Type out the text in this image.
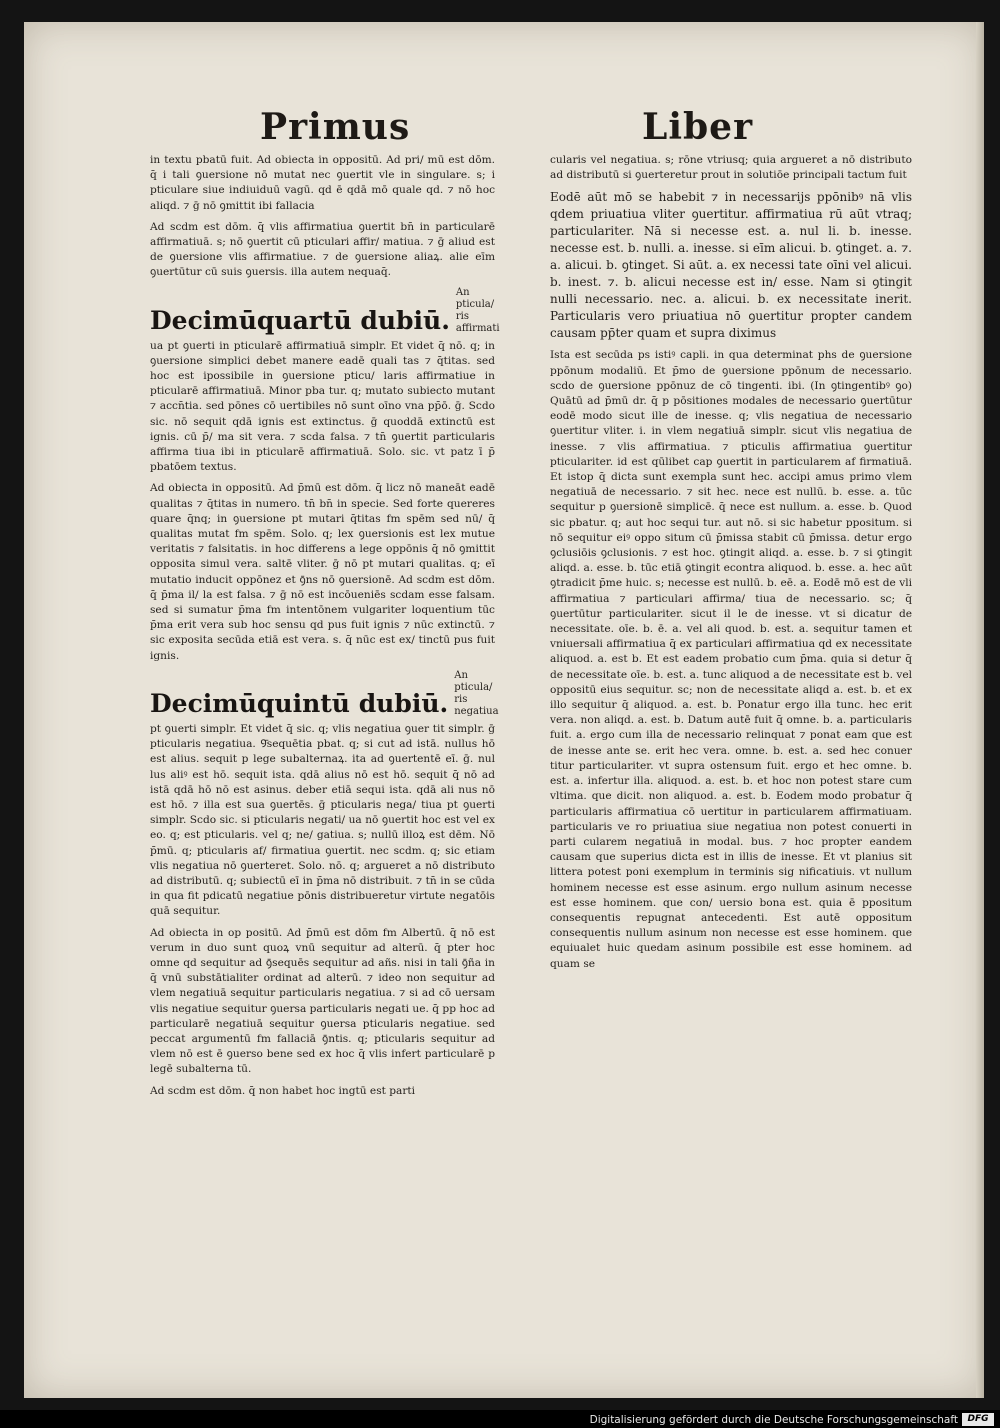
Primus	Liber

in textu pbatū fuit. Ad obiecta in oppositū. Ad pri/ mū est dōm. q̄ i tali ꝯuersione nō mutat nec ꝯuertit vle in singulare. s; i pticulare siue indiuiduū vagū. qd ē qdā mō quale qd. ⁊ nō hoc aliqd. ⁊ ḡ nō ꝯmittit ibi fallacia

Ad scdm est dōm. q̄ vlis affirmatiua ꝯuertit bn̄ in particularē affirmatiuā. s; nō ꝯuertit cū pticulari affir/ matiua. ⁊ ḡ aliud est de ꝯuersione vlis affirmatiue. ⁊ de ꝯuersione aliaꝝ. alie eīm ꝯuertūtur cū suis ꝯuersis. illa autem nequaq̄.

Decimūquartū dubiū.
An pticula/ ris affirmati

ua pt ꝯuerti in pticularē affirmatiuā simplr. Et videt q̄ nō. q; in ꝯuersione simplici debet manere eadē quali tas ⁊ q̄titas. sed hoc est ipossibile in ꝯuersione pticu/ laris affirmatiue in pticularē affirmatiuā. Minor pba tur. q; mutato subiecto mutant ⁊ accn̄tia. sed pōnes cō uertibiles nō sunt oīno vna pp̄ō. ḡ. Scdo sic. nō sequit qdā ignis est extinctus. ḡ quoddā extinctū est ignis. cū p̄/ ma sit vera. ⁊ scda falsa. ⁊ tn̄ ꝯuertit particularis affirma tiua ibi in pticularē affirmatiuā. Solo. sic. vt patz ī p̄ pbatōem textus.

Ad obiecta in oppositū. Ad p̄mū est dōm. q̄ licz nō maneāt eadē qualitas ⁊ q̄titas in numero. tn̄ bn̄ in specie. Sed forte quereres quare q̄nq; in ꝯuersione pt mutari q̄titas fm spēm sed nū/ q̄ qualitas mutat fm spēm. Solo. q; lex ꝯuersionis est lex mutue veritatis ⁊ falsitatis. in hoc differens a lege oppōnis q̄ nō ꝯmittit opposita simul vera. saltē vliter. ḡ nō pt mutari qualitas. q; eī mutatio inducit oppōnez et ꝯ̄ns nō ꝯuersionē. Ad scdm est dōm. q̄ p̄ma il/ la est falsa. ⁊ ḡ nō est incōueniēs scdam esse falsam. sed si sumatur p̄ma fm intentōnem vulgariter loquentium tūc p̄ma erit vera sub hoc sensu qd pus fuit ignis ⁊ nūc extinctū. ⁊ sic exposita secūda etiā est vera. s. q̄ nūc est ex/ tinctū pus fuit ignis.

Decimūquintū dubiū.
An pticula/ ris negatiua

pt ꝯuerti simplr. Et videt q̄ sic. q; vlis negatiua ꝯuer tit simplr. ḡ pticularis negatiua. Ꝯ̄sequētia pbat. q; si cut ad istā. nullus hō est alius. sequit p lege subalternaꝝ. ita ad ꝯuertentē eī. ḡ. nul lus aliꝰ est hō. sequit ista. qdā alius nō est hō. sequit q̄ nō ad istā qdā hō nō est asinus. deber etiā sequi ista. qdā ali nus nō est hō. ⁊ illa est sua ꝯuertēs. ḡ pticularis nega/ tiua pt ꝯuerti simplr. Scdo sic. si pticularis negati/ ua nō ꝯuertit hoc est vel ex eo. q; est pticularis. vel q; ne/ gatiua. s; nullū illoꝝ est dēm. Nō p̄mū. q; pticularis af/ firmatiua ꝯuertit. nec scdm. q; sic etiam vlis negatiua nō ꝯuerteret. Solo. nō. q; argueret a nō distributo ad distributū. q; subiectū eī in p̄ma nō distribuit. ⁊ tn̄ in se cūda in qua fit pdicatū negatiue pōnis distribueretur virtute negatōis quā sequitur.

Ad obiecta in op positū. Ad p̄mū est dōm fm Albertū. q̄ nō est verum in duo sunt quoꝝ vnū sequitur ad alterū. q̄ pter hoc omne qd sequitur ad ꝯ̄sequēs sequitur ad añs. nisi in tali ꝯ̄ña in q̄ vnū substātialiter ordinat ad alterū. ⁊ ideo non sequitur ad vlem negatiuā sequitur particularis negatiua. ⁊ si ad cō uersam vlis negatiue sequitur ꝯuersa particularis negati ue. q̄ pp hoc ad particularē negatiuā sequitur ꝯuersa pticularis negatiue. sed peccat argumentū fm fallaciā ꝯ̄ntis. q; pticularis sequitur ad vlem nō est ē ꝯuerso bene sed ex hoc q̄ vlis infert particularē p legē subalterna tū.

Ad scdm est dōm. q̄ non habet hoc ingtū est parti

cularis vel negatiua. s; rōne vtriusq; quia argueret a nō distributo ad distributū si ꝯuerteretur prout in solutiōe principali tactum fuit

Eodē aūt mō se habebit ⁊ in necessarijs ppōnibꝰ nā vlis qdem priuatiua vliter ꝯuertitur. affirmatiua rū aūt vtraq; particulariter. Nā si necesse est. a. nul li. b. inesse. necesse est. b. nulli. a. inesse. si eīm alicui. b. ꝯtinget. a. ⁊. a. alicui. b. ꝯtinget. Si aūt. a. ex necessi tate oīni vel alicui. b. inest. ⁊. b. alicui necesse est in/ esse. Nam si ꝯtingit nulli necessario. nec. a. alicui. b. ex necessitate inerit. Particularis vero priuatiua nō ꝯuertitur propter candem causam pp̄ter quam et supra diximus

Ista est secūda ps istiꝰ capli. in qua determinat phs de ꝯuersione ppōnum modaliū. Et p̄mo de ꝯuersione ppōnum de necessario. scdo de ꝯuersione ppōnuz de cō tingenti. ibi. (In ꝯtingentibꝰ ꝯo) Quātū ad p̄mū dr. q̄ p pōsitiones modales de necessario ꝯuertūtur eodē modo sicut ille de inesse. q; vlis negatiua de necessario ꝯuertitur vliter. i. in vlem negatiuā simplr. sicut vlis negatiua de inesse. ⁊ vlis affirmatiua. ⁊ pticulis affirmatiua ꝯuertitur pticulariter. id est qūlibet cap ꝯuertit in particularem af firmatiuā. Et istop q̄ dicta sunt exempla sunt hec. accipi amus primo vlem negatiuā de necessario. ⁊ sit hec. nece est nullū. b. esse. a. tūc sequitur p ꝯuersionē simplicē. q̄ nece est nullum. a. esse. b. Quod sic pbatur. q; aut hoc sequi tur. aut nō. si sic habetur ppositum. si nō sequitur eiꝰ oppo situm cū p̄missa stabit cū p̄missa. detur ergo ꝯclusiōis ꝯclusionis. ⁊ est hoc. ꝯtingit aliqd. a. esse. b. ⁊ si ꝯtingit aliqd. a. esse. b. tūc etiā ꝯtingit econtra aliquod. b. esse. a. hec aūt ꝯtradicit p̄me huic. s; necesse est nullū. b. eē. a. Eodē mō est de vli affirmatiua ⁊ particulari affirma/ tiua de necessario. sc; q̄ ꝯuertūtur particulariter. sicut il le de inesse. vt si dicatur de necessitate. oīe. b. ē. a. vel ali quod. b. est. a. sequitur tamen et vniuersali affirmatiua q̄ ex particulari affirmatiua qd ex necessitate aliquod. a. est b. Et est eadem probatio cum p̄ma. quia si detur q̄ de necessitate oīe. b. est. a. tunc aliquod a de necessitate est b. vel oppositū eius sequitur. sc; non de necessitate aliqd a. est. b. et ex illo sequitur q̄ aliquod. a. est. b. Ponatur ergo illa tunc. hec erit vera. non aliqd. a. est. b. Datum autē fuit q̄ omne. b. a. particularis fuit. a. ergo cum illa de necessario relinquat ⁊ ponat eam que est de inesse ante se. erit hec vera. omne. b. est. a. sed hec conuer titur particulariter. vt supra ostensum fuit. ergo et hec omne. b. est. a. infertur illa. aliquod. a. est. b. et hoc non potest stare cum vltima. que dicit. non aliquod. a. est. b. Eodem modo probatur q̄ particularis affirmatiua cō uertitur in particularem affirmatiuam. particularis ve ro priuatiua siue negatiua non potest conuerti in parti cularem negatiuā in modal. bus. ⁊ hoc propter eandem causam que superius dicta est in illis de inesse. Et vt planius sit littera potest poni exemplum in terminis sig nificatiuis. vt nullum hominem necesse est esse asinum. ergo nullum asinum necesse est esse hominem. que con/ uersio bona est. quia ē ppositum consequentis repugnat antecedenti. Est autē oppositum consequentis nullum asinum non necesse est esse hominem. que equiualet huic quedam asinum possibile est esse hominem. ad quam se

Digitalisierung gefördert durch die Deutsche Forschungsgemeinschaft	DFG
